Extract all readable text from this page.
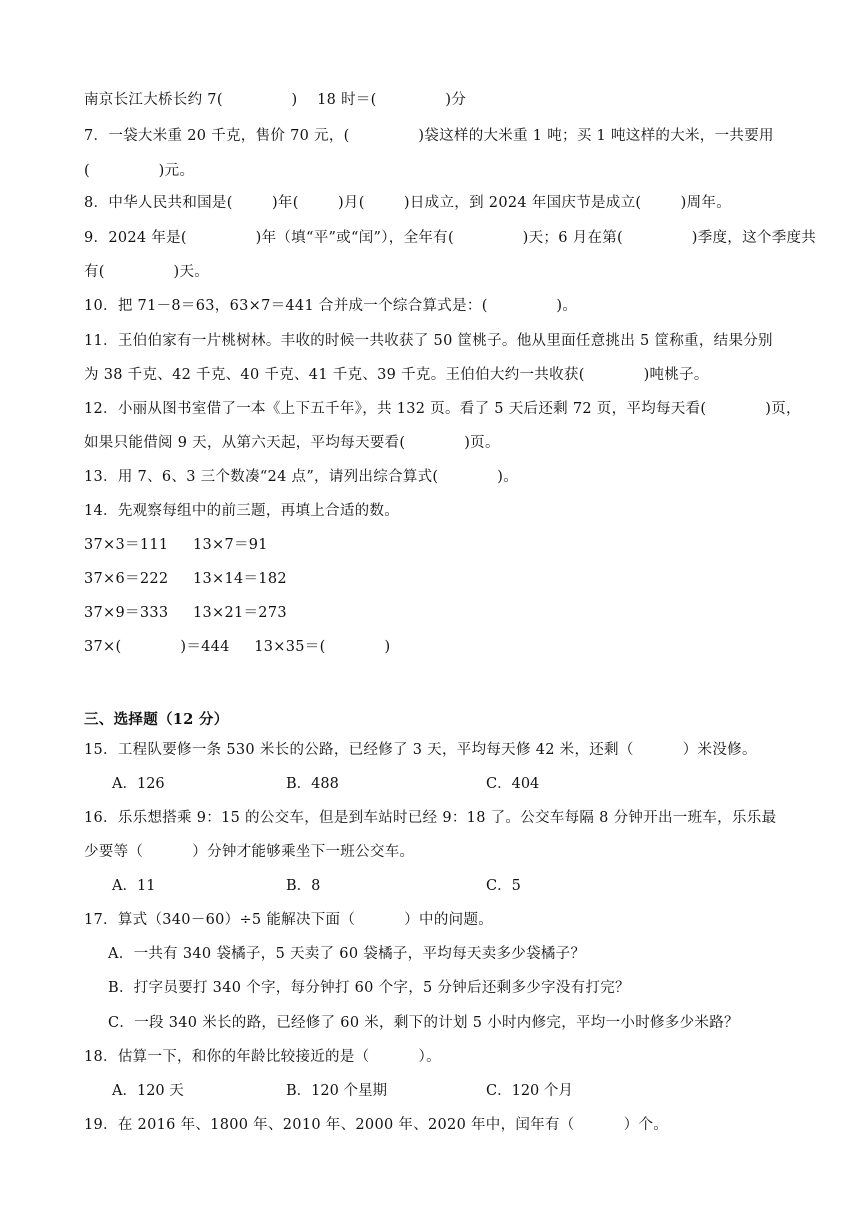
南京长江大桥长约 7(              )    18 时＝(              )分
7．一袋大米重 20 千克，售价 70 元，(              )袋这样的大米重 1 吨；买 1 吨这样的大米，一共要用
(              )元。
8．中华人民共和国是(        )年(        )月(        )日成立，到 2024 年国庆节是成立(        )周年。
9．2024 年是(              )年（填“平”或“闰”），全年有(              )天；6 月在第(              )季度，这个季度共
有(              )天。
10．把 71－8＝63，63×7＝441 合并成一个综合算式是：(              )。
11．王伯伯家有一片桃树林。丰收的时候一共收获了 50 筐桃子。他从里面任意挑出 5 筐称重，结果分别
为 38 千克、42 千克、40 千克、41 千克、39 千克。王伯伯大约一共收获(            )吨桃子。
12．小丽从图书室借了一本《上下五千年》，共 132 页。看了 5 天后还剩 72 页，平均每天看(            )页，
如果只能借阅 9 天，从第六天起，平均每天要看(            )页。
13．用 7、6、3 三个数凑“24 点”，请列出综合算式(            )。
14．先观察每组中的前三题，再填上合适的数。
37×3＝111     13×7＝91
37×6＝222     13×14＝182
37×9＝333     13×21＝273
37×(            )＝444     13×35＝(            )
三、选择题（12 分）
15．工程队要修一条 530 米长的公路，已经修了 3 天，平均每天修 42 米，还剩（          ）米没修。
A．126	B．488	C．404
16．乐乐想搭乘 9：15 的公交车，但是到车站时已经 9：18 了。公交车每隔 8 分钟开出一班车，乐乐最
少要等（          ）分钟才能够乘坐下一班公交车。
A．11	B．8	C．5
17．算式（340－60）÷5 能解决下面（          ）中的问题。
A．一共有 340 袋橘子，5 天卖了 60 袋橘子，平均每天卖多少袋橘子？
B．打字员要打 340 个字，每分钟打 60 个字，5 分钟后还剩多少字没有打完？
C．一段 340 米长的路，已经修了 60 米，剩下的计划 5 小时内修完，平均一小时修多少米路？
18．估算一下，和你的年龄比较接近的是（          ）。
A．120 天	B．120 个星期	C．120 个月
19．在 2016 年、1800 年、2010 年、2000 年、2020 年中，闰年有（          ）个。
